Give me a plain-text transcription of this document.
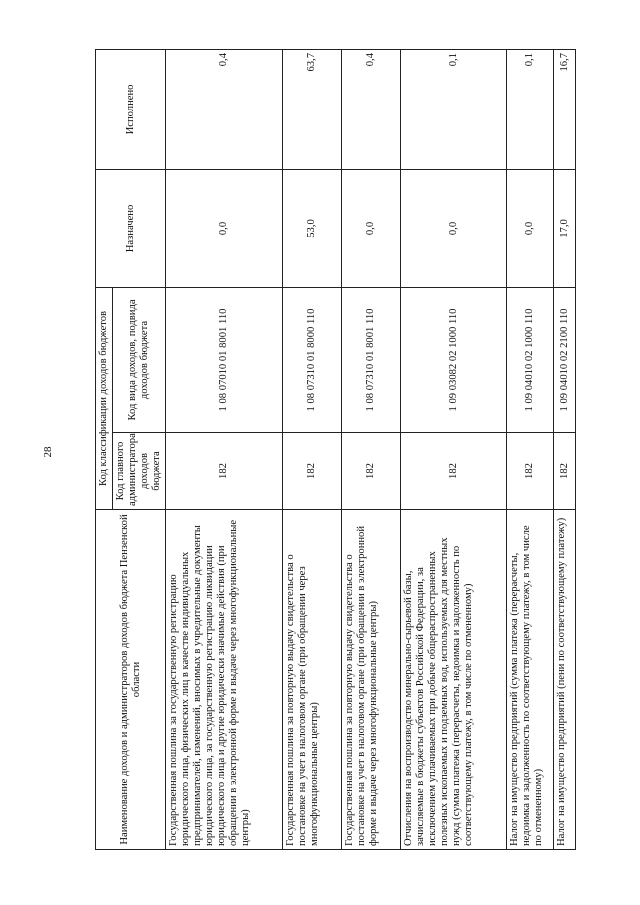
28
Наименование доходов и администраторов доходов бюджета Пензенской области	Код классификации доходов бюджетов		Назначено	Исполнено
	Код главного администратора доходов бюджета	Код вида доходов, подвида доходов бюджета		
Государственная пошлина за государственную регистрацию юридического лица, физических лиц в качестве индивидуальных предпринимателей, изменений, вносимых в учредительные документы юридического лица, за государственную регистрацию ликвидации юридического лица и другие юридически значимые действия (при обращении в электронной форме и выдаче через многофункциональные центры)	182	1 08 07010 01 8001 110	0,0	0,4
Государственная пошлина за повторную выдачу свидетельства о постановке на учет в налоговом органе (при обращении через многофункциональные центры)	182	1 08 07310 01 8000 110	53,0	63,7
Государственная пошлина за повторную выдачу свидетельства о постановке на учет в налоговом органе (при обращении в электронной форме и выдаче через многофункциональные центры)	182	1 08 07310 01 8001 110	0,0	0,4
Отчисления на воспроизводство минерально-сырьевой базы, зачисляемые в бюджеты субъектов Российской Федерации, за исключением уплачиваемых при добыче общераспространенных полезных ископаемых и подземных вод, используемых для местных нужд (сумма платежа (перерасчеты, недоимка и задолженность по соответствующему платежу, в том числе по отмененному)	182	1 09 03082 02 1000 110	0,0	0,1
Налог на имущество предприятий (сумма платежа (перерасчеты, недоимка и задолженность по соответствующему платежу, в том числе по отмененному)	182	1 09 04010 02 1000 110	0,0	0,1
Налог на имущество предприятий (пени по соответствующему платежу)	182	1 09 04010 02 2100 110	17,0	16,7
